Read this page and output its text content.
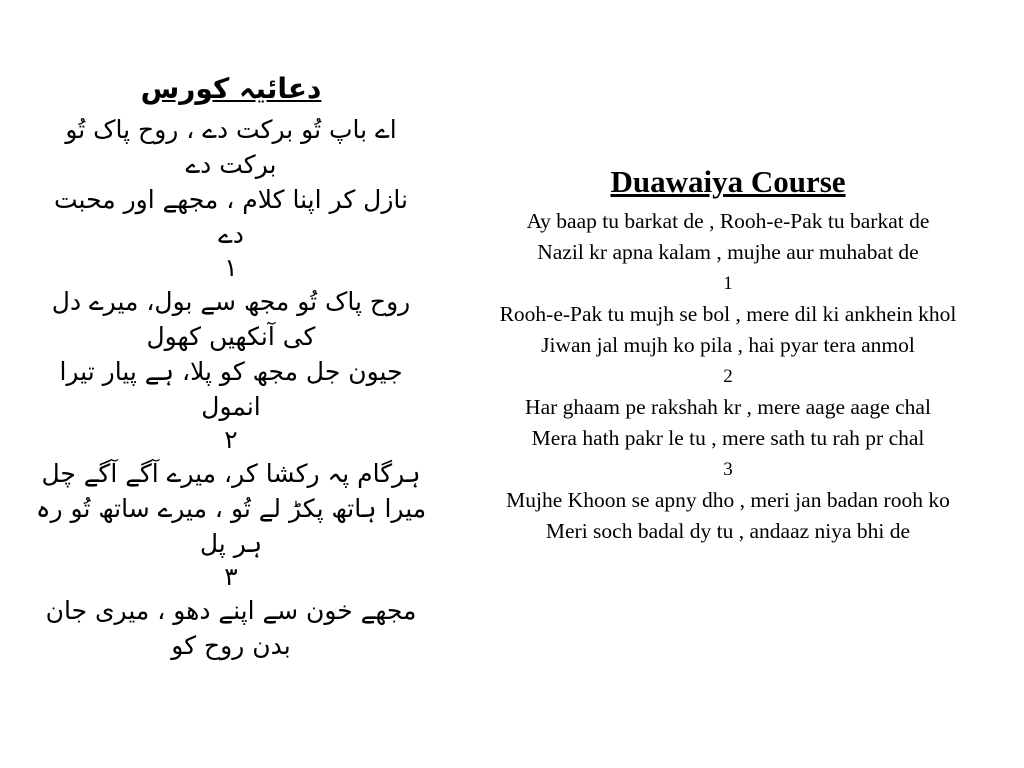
دعائیہ کورس

اے باپ تُو برکت دے ، روح پاک تُو

برکت دے

نازل کر اپنا کلام ، مجھے اور محبت

دے

١

روح پاک تُو مجھ سے بول، میرے دل

کی آنکھیں کھول

جیون جل مجھ کو پلا، ہے پیار تیرا

انمول

٢

ہرگام پہ رکشا کر، میرے آگے آگے چل

میرا ہاتھ پکڑ لے تُو ، میرے ساتھ تُو رہ

ہر پل

٣

مجھے خون سے اپنے دھو ، میری جان

بدن روح کو

Duawaiya Course

Ay baap tu barkat de , Rooh-e-Pak tu barkat de

Nazil kr apna kalam , mujhe aur muhabat de

1

Rooh-e-Pak tu mujh se bol , mere dil ki ankhein khol

Jiwan jal mujh ko pila , hai pyar tera anmol

2

Har ghaam pe rakshah kr , mere aage aage chal

Mera hath pakr le tu , mere sath tu rah pr chal

3

Mujhe Khoon se apny dho , meri jan badan rooh ko

Meri soch badal dy tu , andaaz niya bhi de
